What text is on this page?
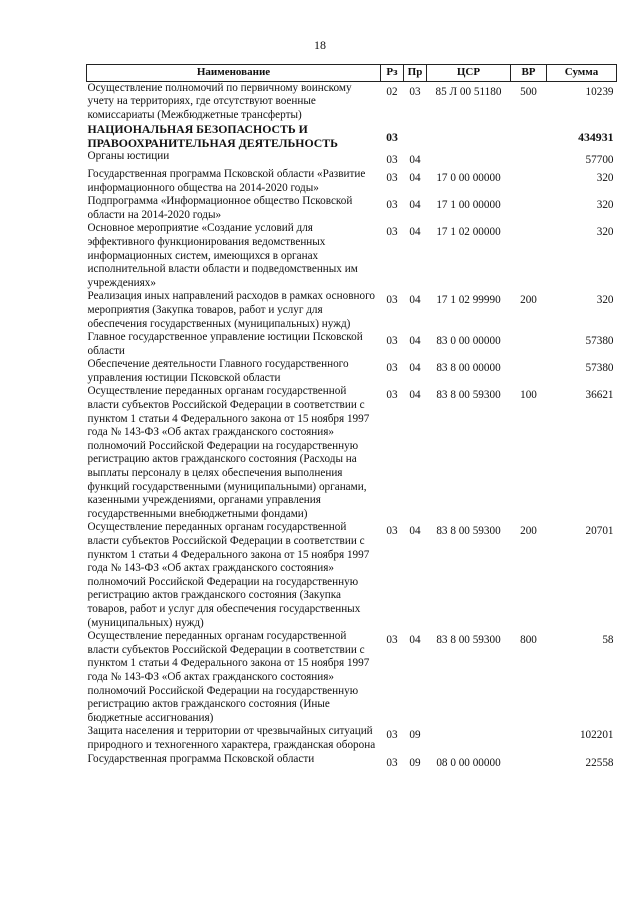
18
Наименование	Рз	Пр	ЦСР	ВР	Сумма
Осуществление полномочий по первичному воинскому учету на территориях, где отсутствуют военные комиссариаты (Межбюджетные трансферты)	02	03	85 Л 00 51180	500	10239
НАЦИОНАЛЬНАЯ БЕЗОПАСНОСТЬ И ПРАВООХРАНИТЕЛЬНАЯ ДЕЯТЕЛЬНОСТЬ	03				434931
Органы юстиции	03	04			57700
Государственная программа Псковской области «Развитие информационного общества на 2014-2020 годы»	03	04	17 0 00 00000		320
Подпрограмма «Информационное общество Псковской области на 2014-2020 годы»	03	04	17 1 00 00000		320
Основное мероприятие «Создание условий для эффективного функционирования ведомственных информационных систем, имеющихся в органах исполнительной власти области и подведомственных им учреждениях»	03	04	17 1 02 00000		320
Реализация иных направлений расходов в рамках основного мероприятия (Закупка товаров, работ и услуг для обеспечения государственных (муниципальных) нужд)	03	04	17 1 02 99990	200	320
Главное государственное управление юстиции Псковской области	03	04	83 0 00 00000		57380
Обеспечение деятельности Главного государственного управления юстиции Псковской области	03	04	83 8 00 00000		57380
Осуществление переданных органам государственной власти субъектов Российской Федерации в соответствии с пунктом 1 статьи 4 Федерального закона от 15 ноября 1997 года № 143-ФЗ «Об актах гражданского состояния» полномочий Российской Федерации на государственную регистрацию актов гражданского состояния (Расходы на выплаты персоналу в целях обеспечения выполнения функций государственными (муниципальными) органами, казенными учреждениями, органами управления государственными внебюджетными фондами)	03	04	83 8 00 59300	100	36621
Осуществление переданных органам государственной власти субъектов Российской Федерации в соответствии с пунктом 1 статьи 4 Федерального закона от 15 ноября 1997 года № 143-ФЗ «Об актах гражданского состояния» полномочий Российской Федерации на государственную регистрацию актов гражданского состояния (Закупка товаров, работ и услуг для обеспечения государственных (муниципальных) нужд)	03	04	83 8 00 59300	200	20701
Осуществление переданных органам государственной власти субъектов Российской Федерации в соответствии с пунктом 1 статьи 4 Федерального закона от 15 ноября 1997 года № 143-ФЗ «Об актах гражданского состояния» полномочий Российской Федерации на государственную регистрацию актов гражданского состояния (Иные бюджетные ассигнования)	03	04	83 8 00 59300	800	58
Защита населения и территории от чрезвычайных ситуаций природного и техногенного характера, гражданская оборона	03	09			102201
Государственная программа Псковской области	03	09	08 0 00 00000		22558
